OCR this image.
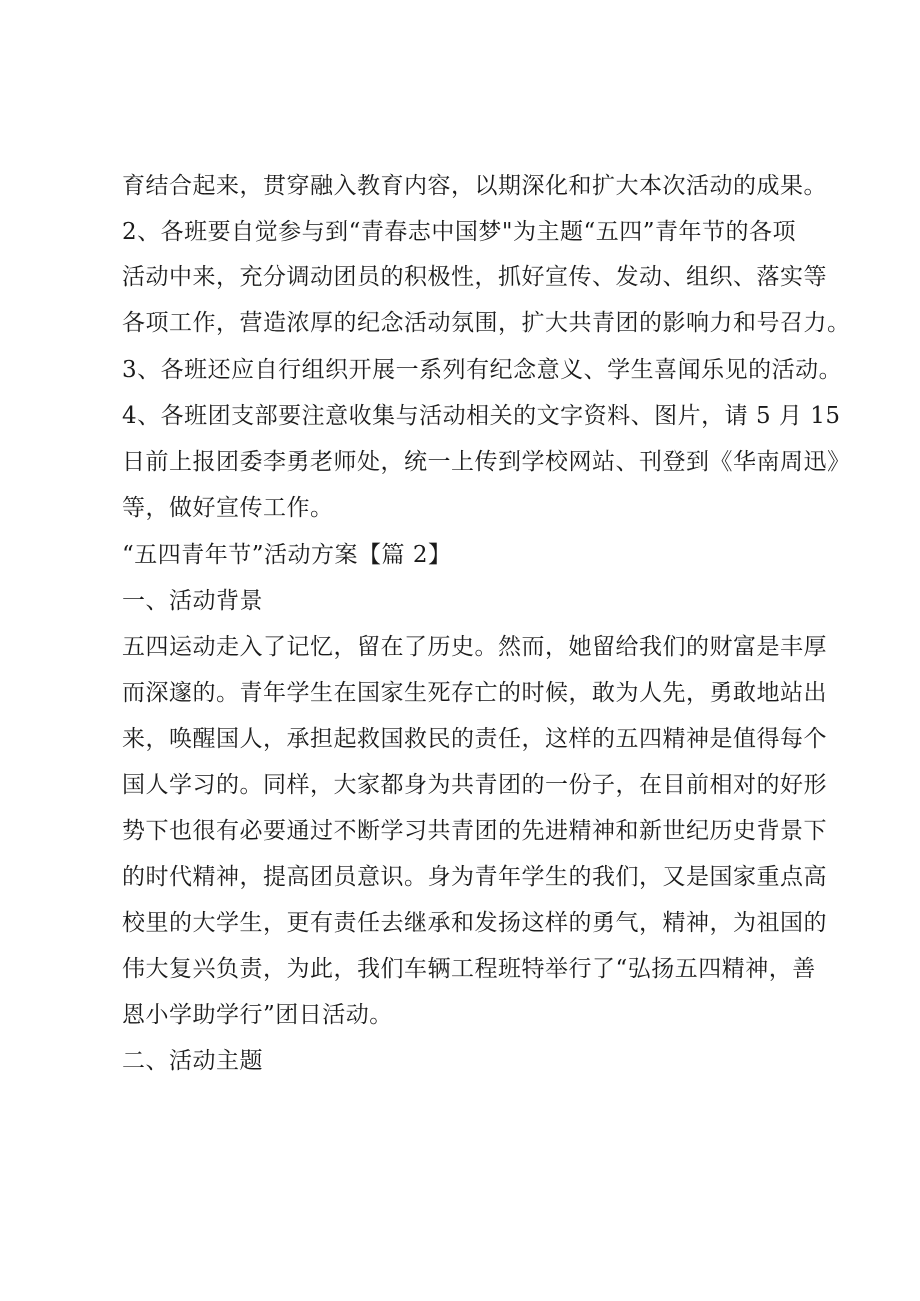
育结合起来，贯穿融入教育内容，以期深化和扩大本次活动的成果。
2、各班要自觉参与到“青春志中国梦"为主题“五四”青年节的各项
活动中来，充分调动团员的积极性，抓好宣传、发动、组织、落实等
各项工作，营造浓厚的纪念活动氛围，扩大共青团的影响力和号召力。
3、各班还应自行组织开展一系列有纪念意义、学生喜闻乐见的活动。
4、各班团支部要注意收集与活动相关的文字资料、图片，请 5 月 15
日前上报团委李勇老师处，统一上传到学校网站、刊登到《华南周迅》
等，做好宣传工作。
“五四青年节”活动方案【篇 2】
一、活动背景
五四运动走入了记忆，留在了历史。然而，她留给我们的财富是丰厚
而深邃的。青年学生在国家生死存亡的时候，敢为人先，勇敢地站出
来，唤醒国人，承担起救国救民的责任，这样的五四精神是值得每个
国人学习的。同样，大家都身为共青团的一份子，在目前相对的好形
势下也很有必要通过不断学习共青团的先进精神和新世纪历史背景下
的时代精神，提高团员意识。身为青年学生的我们，又是国家重点高
校里的大学生，更有责任去继承和发扬这样的勇气，精神，为祖国的
伟大复兴负责，为此，我们车辆工程班特举行了“弘扬五四精神，善
恩小学助学行”团日活动。
二、活动主题
